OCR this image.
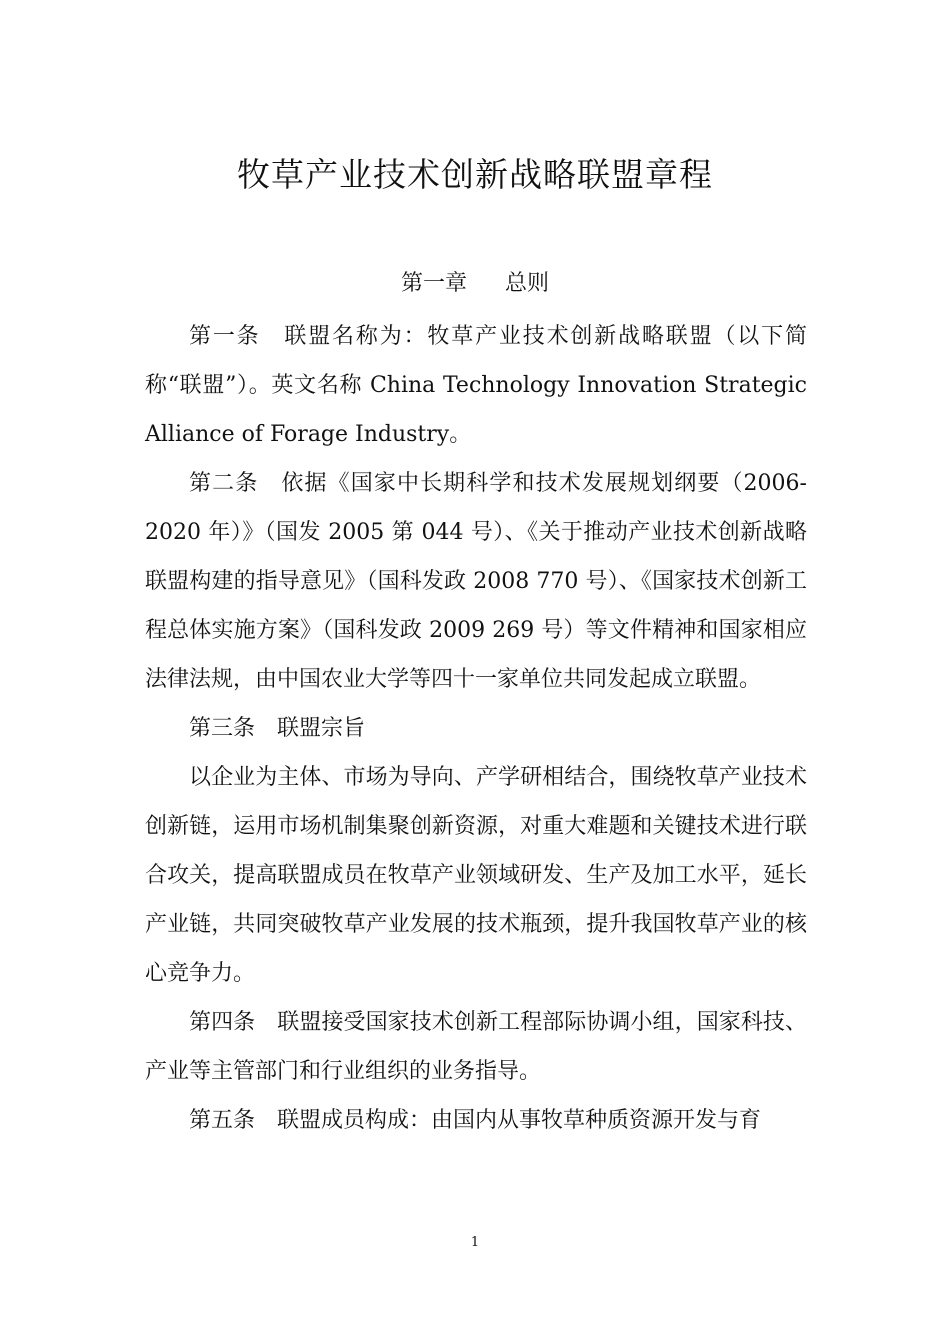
牧草产业技术创新战略联盟章程
第一章 总则

第一条 联盟名称为：牧草产业技术创新战略联盟（以下简称“联盟”）。英文名称 China Technology Innovation Strategic Alliance of Forage Industry。

第二条 依据《国家中长期科学和技术发展规划纲要（2006-2020 年）》（国发 2005 第 044 号）、《关于推动产业技术创新战略联盟构建的指导意见》（国科发政 2008 770 号）、《国家技术创新工程总体实施方案》（国科发政 2009 269 号）等文件精神和国家相应法律法规，由中国农业大学等四十一家单位共同发起成立联盟。

第三条 联盟宗旨

以企业为主体、市场为导向、产学研相结合，围绕牧草产业技术创新链，运用市场机制集聚创新资源，对重大难题和关键技术进行联合攻关，提高联盟成员在牧草产业领域研发、生产及加工水平，延长产业链，共同突破牧草产业发展的技术瓶颈，提升我国牧草产业的核心竞争力。

第四条 联盟接受国家技术创新工程部际协调小组，国家科技、产业等主管部门和行业组织的业务指导。

第五条 联盟成员构成：由国内从事牧草种质资源开发与育

1
